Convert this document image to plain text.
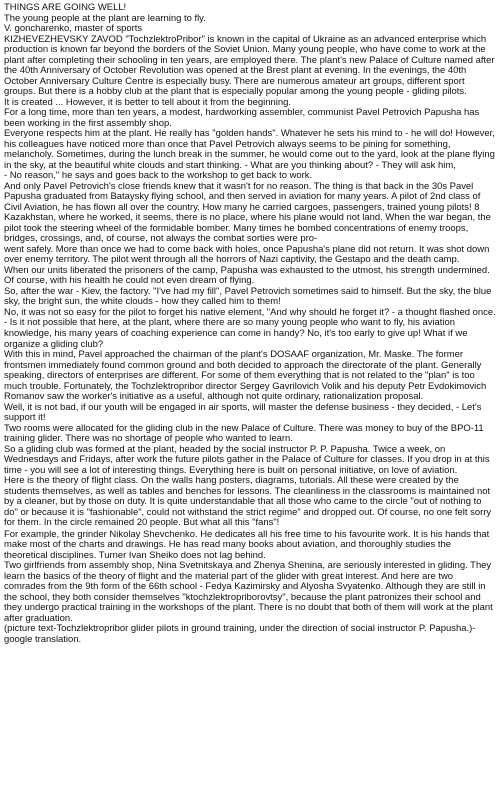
THINGS ARE GOING WELL!

The young people at the plant are learning to fly.

V. goncharenko, master of sports

KIZHEVEZHEVSKY ZAVOD "TochzlektroPribor" is known in the capital of Ukraine as an advanced enterprise which production is known far beyond the borders of the Soviet Union. Many young people, who have come to work at the plant after completing their schooling in ten years, are employed there. The plant's new Palace of Culture named after the 40th Anniversary of October Revolution was opened at the Brest plant at evening. In the evenings, the 40th October Anniversary Culture Centre is especially busy. There are numerous amateur art groups, different sport groups. But there is a hobby club at the plant that is especially popular among the young people - gliding pilots.

It is created ... However, it is better to tell about it from the beginning.

For a long time, more than ten years, a modest, hardworking assembler, communist Pavel Petrovich Papusha has been working in the first assembly shop.

Everyone respects him at the plant. He really has "golden hands". Whatever he sets his mind to - he will do! However, his colleagues have noticed more than once that Pavel Petrovich always seems to be pining for something, melancholy. Sometimes, during the lunch break in the summer, he would come out to the yard, look at the plane flying in the sky, at the beautiful white clouds and start thinking. - What are you thinking about? - They will ask him,

- No reason," he says and goes back to the workshop to get back to work.

And only Pavel Petrovich's close friends knew that it wasn't for no reason. The thing is that back in the 30s Pavel Papusha graduated from Bataysky flying school, and then served in aviation for many years. A pilot of 2nd class of Civil Aviation, he has flown all over the country. How many he carried cargoes, passengers, trained young pilots! 8 Kazakhstan, where he worked, it seems, there is no place, where his plane would not land. When the war began, the pilot took the steering wheel of the formidable bomber. Many times he bombed concentrations of enemy troops, bridges, crossings, and, of course, not always the combat sorties were pro-

went safely. More than once we had to come back with holes, once Papusha's plane did not return. It was shot down over enemy territory. The pilot went through all the horrors of Nazi captivity, the Gestapo and the death camp.

When our units liberated the prisoners of the camp, Papusha was exhausted to the utmost, his strength undermined. Of course, with his health he could not even dream of flying.

So, after the war - Kiev, the factory. "I've had my fill", Pavel Petrovich sometimes said to himself. But the sky, the blue sky, the bright sun, the white clouds - how they called him to them!

No, it was not so easy for the pilot to forget his native element, "And why should he forget it? - a thought flashed once. - Is it not possible that here, at the plant, where there are so many young people who want to fly, his aviation knowledge, his many years of coaching experience can come in handy? No, it's too early to give up! What if we organize a gliding club?

With this in mind, Pavel approached the chairman of the plant's DOSAAF organization, Mr. Maske. The former frontsmen immediately found common ground and both decided to approach the directorate of the plant. Generally speaking, directors of enterprises are different. For some of them everything that is not related to the "plan" is too much trouble. Fortunately, the Tochzlektropribor director Sergey Gavrilovich Volik and his deputy Petr Evdokimovich Romanov saw the worker's initiative as a useful, although not quite ordinary, rationalization proposal.

Well, it is not bad, if our youth will be engaged in air sports, will master the defense business - they decided, - Let's support it!

Two rooms were allocated for the gliding club in the new Palace of Culture. There was money to buy of the BPO-11 training glider. There was no shortage of people who wanted to learn.

So a gliding club was formed at the plant, headed by the social instructor P. P. Papusha. Twice a week, on Wednesdays and Fridays, after work the future pilots gather in the Palace of Culture for classes. If you drop in at this time - you will see a lot of interesting things. Everything here is built on personal initiative, on love of aviation.

Here is the theory of flight class. On the walls hang posters, diagrams, tutorials. All these were created by the students themselves, as well as tables and benches for lessons. The cleanliness in the classrooms is maintained not by a cleaner, but by those on duty. It is quite understandable that all those who came to the circle "out of nothing to do" or because it is "fashionable", could not withstand the strict regime" and dropped out. Of course, no one felt sorry for them. In the circle remained 20 people. But what all this "fans"!

For example, the grinder Nikolay Shevchenko. He dedicates all his free time to his favourite work. It is his hands that make most of the charts and drawings. He has read many books about aviation, and thoroughly studies the theoretical disciplines. Turner Ivan Sheiko does not lag behind.

Two girlfriends from assembly shop, Nina Svetnitskaya and Zhenya Shenina, are seriously interested in gliding. They learn the basics of the theory of flight and the material part of the glider with great interest. And here are two comrades from the 9th form of the 66th school - Fedya Kazimirsky and Alyosha Svyatenko. Although they are still in the school, they both consider themselves "ktochzlektropriborovtsy", because the plant patronizes their school and they undergo practical training in the workshops of the plant. There is no doubt that both of them will work at the plant after graduation.

(picture text-Tochzlektropribor glider pilots in ground training, under the direction of social instructor P. Papusha.)-google translation.
